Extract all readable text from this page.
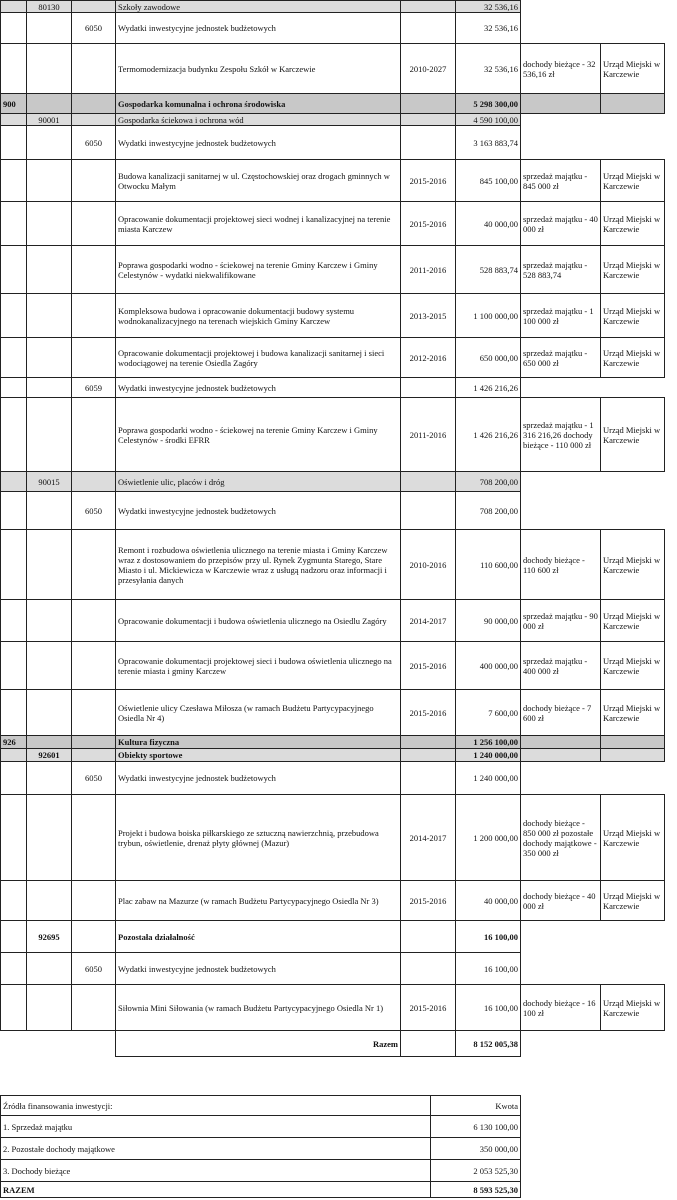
	80130		Szkoły zawodowe		32 536,16		
		6050	Wydatki inwestycyjne jednostek budżetowych		32 536,16		
			Termomodernizacja budynku Zespołu Szkół w Karczewie	2010-2027	32 536,16	dochody bieżące - 32 536,16 zł	Urząd Miejski w Karczewie
900			Gospodarka komunalna i ochrona środowiska		5 298 300,00		
	90001		Gospodarka ściekowa i ochrona wód		4 590 100,00		
		6050	Wydatki inwestycyjne jednostek budżetowych		3 163 883,74		
			Budowa kanalizacji sanitarnej w ul. Częstochowskiej oraz drogach gminnych w Otwocku Małym	2015-2016	845 100,00	sprzedaż majątku - 845 000 zł	Urząd Miejski w Karczewie
			Opracowanie dokumentacji projektowej sieci wodnej i kanalizacyjnej na terenie miasta Karczew	2015-2016	40 000,00	sprzedaż majątku - 40 000 zł	Urząd Miejski w Karczewie
			Poprawa gospodarki wodno - ściekowej na terenie Gminy Karczew i Gminy Celestynów - wydatki niekwalifikowane	2011-2016	528 883,74	sprzedaż majątku - 528 883,74	Urząd Miejski w Karczewie
			Kompleksowa budowa i opracowanie dokumentacji budowy systemu wodnokanalizacyjnego na terenach wiejskich Gminy Karczew	2013-2015	1 100 000,00	sprzedaż majątku - 1 100 000 zł	Urząd Miejski w Karczewie
			Opracowanie dokumentacji projektowej i budowa kanalizacji sanitarnej i sieci wodociągowej na terenie Osiedla Zagóry	2012-2016	650 000,00	sprzedaż majątku - 650 000 zł	Urząd Miejski w Karczewie
		6059	Wydatki inwestycyjne jednostek budżetowych		1 426 216,26		
			Poprawa gospodarki wodno - ściekowej na terenie Gminy Karczew i Gminy Celestynów - środki EFRR	2011-2016	1 426 216,26	sprzedaż majątku - 1 316 216,26 dochody bieżące - 110 000 zł	Urząd Miejski w Karczewie
	90015		Oświetlenie ulic, placów i dróg		708 200,00		
		6050	Wydatki inwestycyjne jednostek budżetowych		708 200,00		
			Remont i rozbudowa oświetlenia ulicznego na terenie miasta i Gminy Karczew wraz z dostosowaniem do przepisów przy ul. Rynek Zygmunta Starego, Stare Miasto i ul. Mickiewicza w Karczewie wraz z usługą nadzoru oraz informacji i przesyłania danych	2010-2016	110 600,00	dochody bieżące - 110 600 zł	Urząd Miejski w Karczewie
			Opracowanie dokumentacji i budowa oświetlenia ulicznego na Osiedlu Zagóry	2014-2017	90 000,00	sprzedaż majątku - 90 000 zł	Urząd Miejski w Karczewie
			Opracowanie dokumentacji projektowej sieci i budowa oświetlenia ulicznego na terenie miasta i gminy Karczew	2015-2016	400 000,00	sprzedaż majątku - 400 000 zł	Urząd Miejski w Karczewie
			Oświetlenie ulicy Czesława Miłosza (w ramach Budżetu Partycypacyjnego Osiedla Nr 4)	2015-2016	7 600,00	dochody bieżące - 7 600 zł	Urząd Miejski w Karczewie
926			Kultura fizyczna		1 256 100,00		
	92601		Obiekty sportowe		1 240 000,00		
		6050	Wydatki inwestycyjne jednostek budżetowych		1 240 000,00		
			Projekt i budowa boiska piłkarskiego ze sztuczną nawierzchnią, przebudowa trybun, oświetlenie, drenaż płyty głównej (Mazur)	2014-2017	1 200 000,00	dochody bieżące - 850 000 zł pozostałe dochody majątkowe - 350 000 zł	Urząd Miejski w Karczewie
			Plac zabaw na Mazurze (w ramach Budżetu Partycypacyjnego Osiedla Nr 3)	2015-2016	40 000,00	dochody bieżące - 40 000 zł	Urząd Miejski w Karczewie
	92695		Pozostała działalność		16 100,00		
		6050	Wydatki inwestycyjne jednostek budżetowych		16 100,00		
			Siłownia Mini Siłowania (w ramach Budżetu Partycypacyjnego Osiedla Nr 1)	2015-2016	16 100,00	dochody bieżące - 16 100 zł	Urząd Miejski w Karczewie
			Razem		8 152 005,38		
Źródła finansowania inwestycji:	Kwota
1. Sprzedaż majątku	6 130 100,00
2. Pozostałe dochody majątkowe	350 000,00
3. Dochody bieżące	2 053 525,30
RAZEM	8 593 525,30
